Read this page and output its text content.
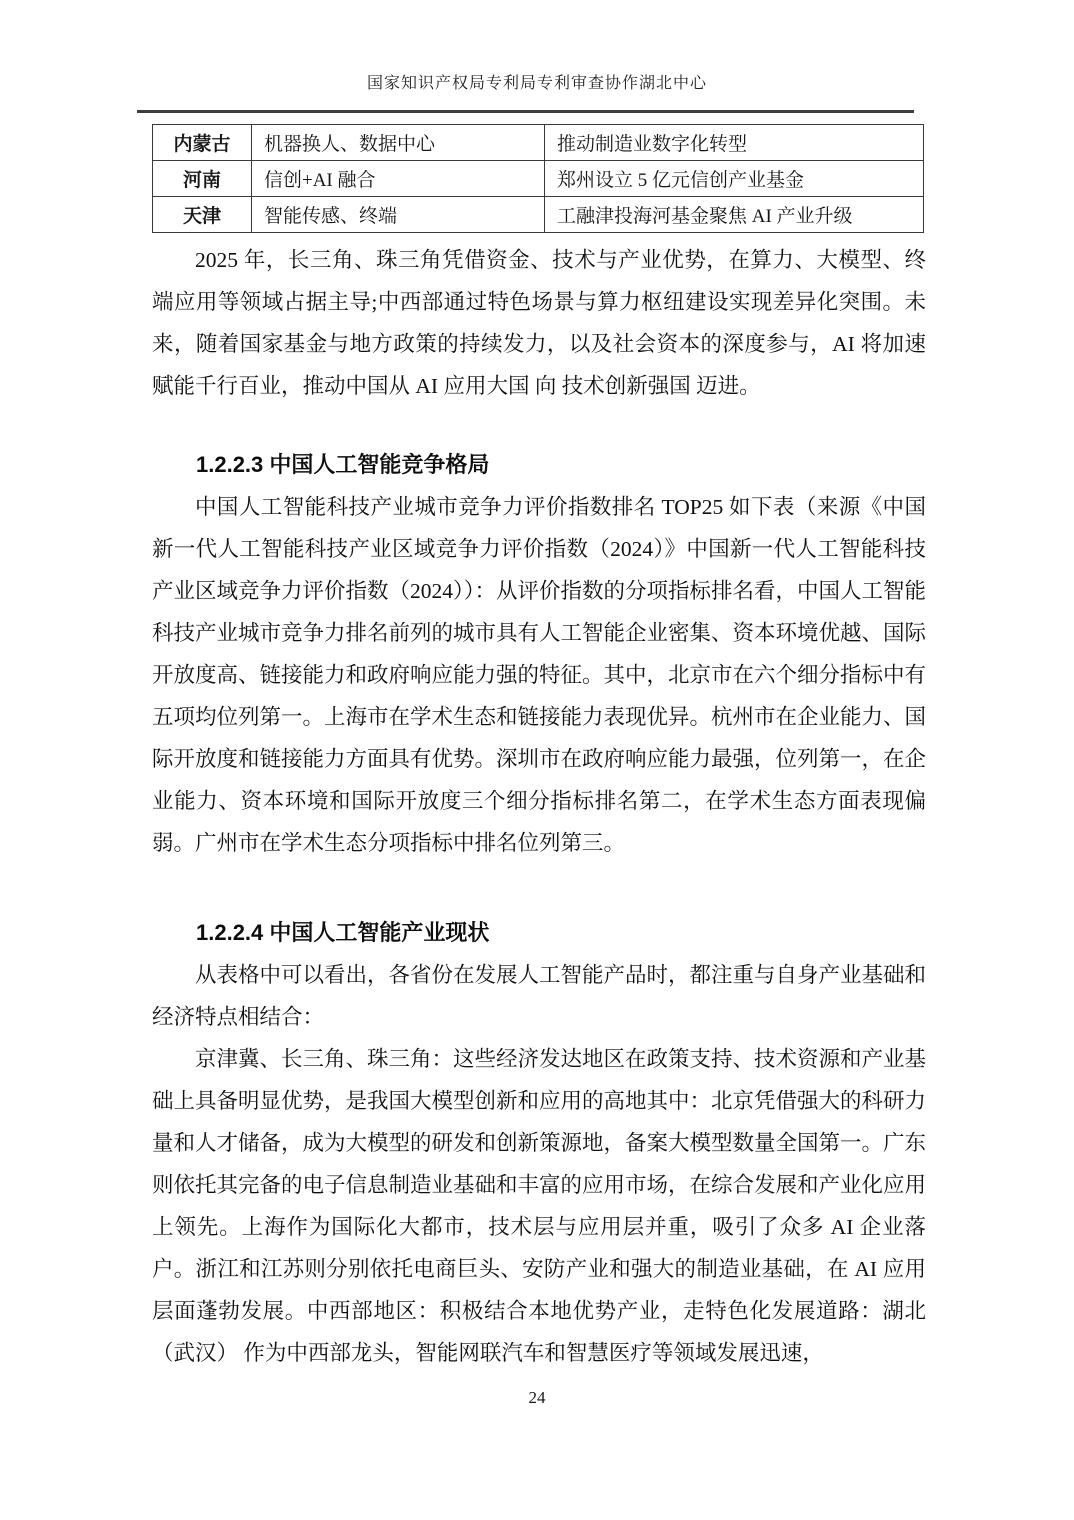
国家知识产权局专利局专利审查协作湖北中心
内蒙古	机器换人、数据中心	推动制造业数字化转型
河南	信创+AI 融合	郑州设立 5 亿元信创产业基金
天津	智能传感、终端	工融津投海河基金聚焦 AI 产业升级

2025 年，长三角、珠三角凭借资金、技术与产业优势，在算力、大模型、终端应用等领域占据主导;中西部通过特色场景与算力枢纽建设实现差异化突围。未来，随着国家基金与地方政策的持续发力，以及社会资本的深度参与，AI 将加速赋能千行百业，推动中国从 AI 应用大国 向 技术创新强国 迈进。

1.2.2.3 中国人工智能竞争格局

中国人工智能科技产业城市竞争力评价指数排名 TOP25 如下表（来源《中国新一代人工智能科技产业区域竞争力评价指数（2024）》中国新一代人工智能科技产业区域竞争力评价指数（2024））：从评价指数的分项指标排名看，中国人工智能科技产业城市竞争力排名前列的城市具有人工智能企业密集、资本环境优越、国际开放度高、链接能力和政府响应能力强的特征。其中，北京市在六个细分指标中有五项均位列第一。上海市在学术生态和链接能力表现优异。杭州市在企业能力、国际开放度和链接能力方面具有优势。深圳市在政府响应能力最强，位列第一，在企业能力、资本环境和国际开放度三个细分指标排名第二，在学术生态方面表现偏弱。广州市在学术生态分项指标中排名位列第三。

1.2.2.4 中国人工智能产业现状

从表格中可以看出，各省份在发展人工智能产品时，都注重与自身产业基础和经济特点相结合：

京津冀、长三角、珠三角：这些经济发达地区在政策支持、技术资源和产业基础上具备明显优势，是我国大模型创新和应用的高地其中：北京凭借强大的科研力量和人才储备，成为大模型的研发和创新策源地，备案大模型数量全国第一。广东则依托其完备的电子信息制造业基础和丰富的应用市场，在综合发展和产业化应用上领先。上海作为国际化大都市，技术层与应用层并重，吸引了众多 AI 企业落户。浙江和江苏则分别依托电商巨头、安防产业和强大的制造业基础，在 AI 应用层面蓬勃发展。中西部地区：积极结合本地优势产业，走特色化发展道路：湖北（武汉） 作为中西部龙头，智能网联汽车和智慧医疗等领域发展迅速，

24
